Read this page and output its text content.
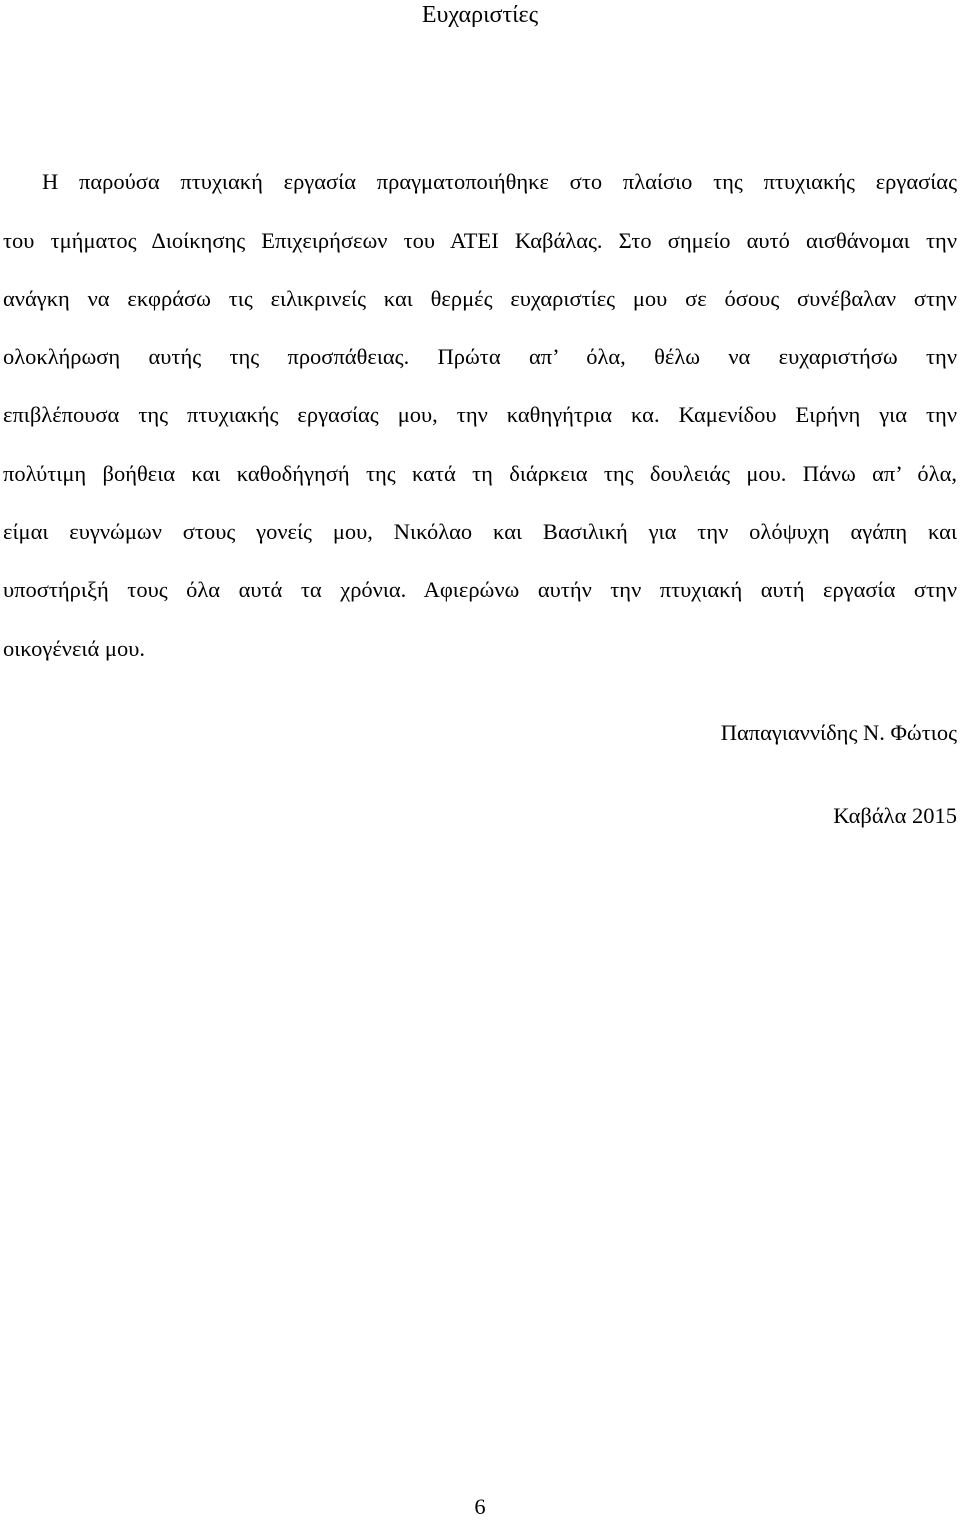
Ευχαριστίες
Η παρούσα πτυχιακή εργασία πραγματοποιήθηκε στο πλαίσιο της πτυχιακής εργασίας
του τμήματος Διοίκησης Επιχειρήσεων του ΑΤΕΙ Καβάλας. Στο σημείο αυτό αισθάνομαι την
ανάγκη να εκφράσω τις ειλικρινείς και θερμές ευχαριστίες μου σε όσους συνέβαλαν στην
ολοκλήρωση αυτής της προσπάθειας. Πρώτα απ’ όλα, θέλω να ευχαριστήσω την
επιβλέπουσα της πτυχιακής εργασίας μου, την καθηγήτρια κα. Καμενίδου Ειρήνη για την
πολύτιμη βοήθεια και καθοδήγησή της κατά τη διάρκεια της δουλειάς μου. Πάνω απ’ όλα,
είμαι ευγνώμων στους γονείς μου, Νικόλαο και Βασιλική για την ολόψυχη αγάπη και
υποστήριξή τους όλα αυτά τα χρόνια. Αφιερώνω αυτήν την πτυχιακή αυτή εργασία στην
οικογένειά μου.
Παπαγιαννίδης Ν. Φώτιος
Καβάλα 2015
6
